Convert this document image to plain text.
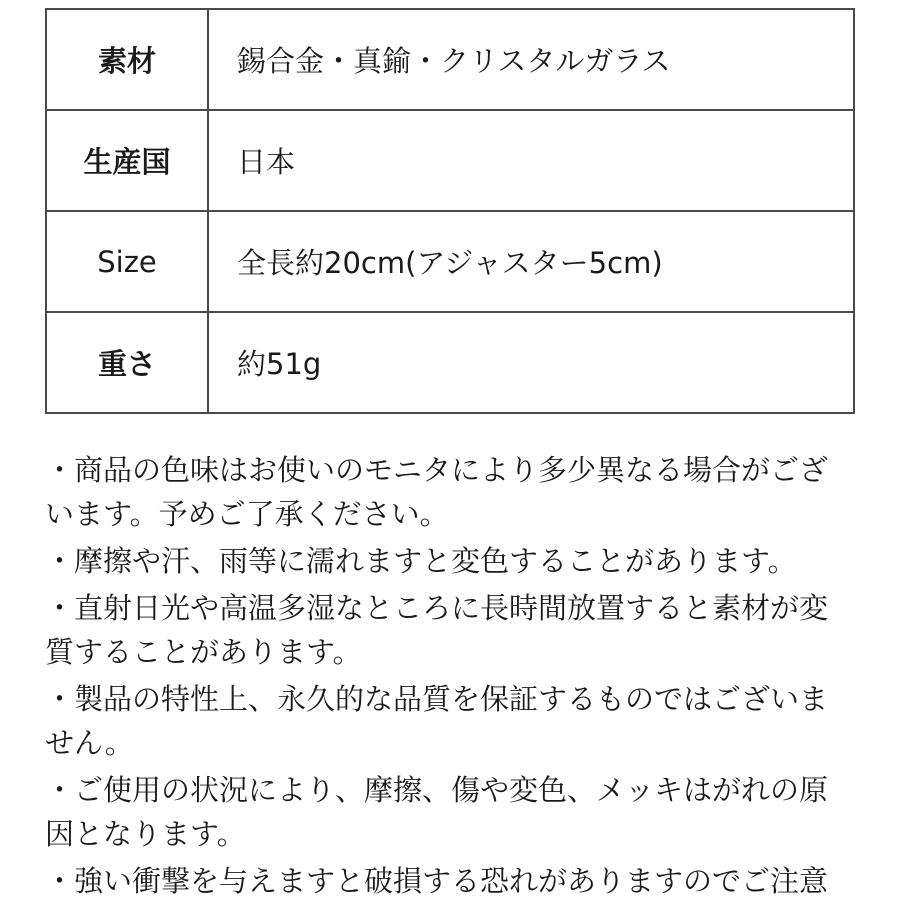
素材	錫合金・真鍮・クリスタルガラス
生産国	日本
Size	全長約20cm(アジャスター5cm)
重さ	約51g
・商品の色味はお使いのモニタにより多少異なる場合がございます。予めご了承ください。
・摩擦や汗、雨等に濡れますと変色することがあります。
・直射日光や高温多湿なところに長時間放置すると素材が変質することがあります。
・製品の特性上、永久的な品質を保証するものではございません。
・ご使用の状況により、摩擦、傷や変色、メッキはがれの原因となります。
・強い衝撃を与えますと破損する恐れがありますのでご注意
